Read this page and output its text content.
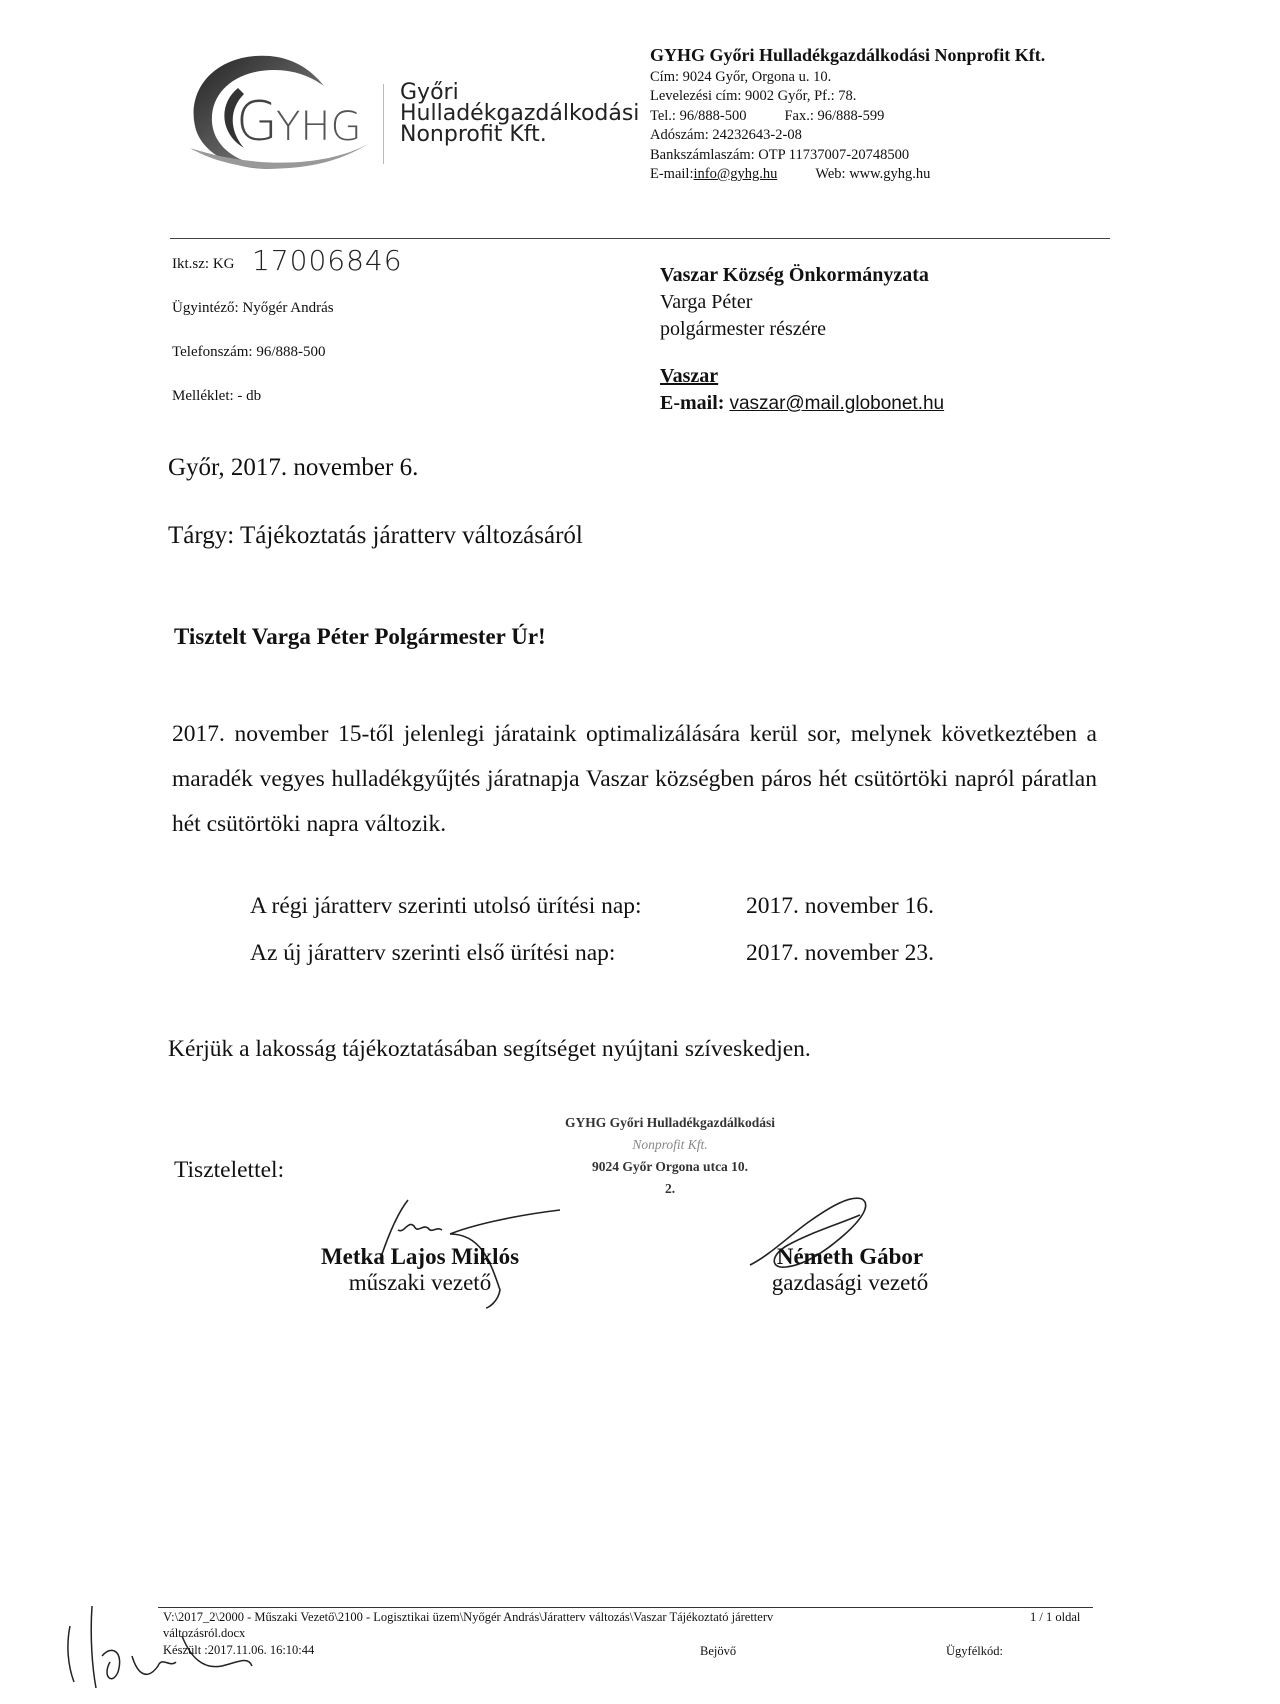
G
YHG
Győri
Hulladékgazdálkodási
Nonprofit Kft.
GYHG Győri Hulladékgazdálkodási Nonprofit Kft.
Cím: 9024 Győr, Orgona u. 10.
Levelezési cím: 9002 Győr, Pf.: 78.
Tel.: 96/888-500	Fax.: 96/888-599
Adószám: 24232643-2-08
Bankszámlaszám: OTP 11737007-20748500
E-mail:info@gyhg.hu	Web: www.gyhg.hu
Ikt.sz: KG 17006846
Ügyintéző: Nyőgér András
Telefonszám: 96/888-500
Melléklet: - db
Vaszar Község Önkormányzata
Varga Péter
polgármester részére
Vaszar
E-mail: vaszar@mail.globonet.hu
Győr, 2017. november 6.
Tárgy: Tájékoztatás járatterv változásáról
Tisztelt Varga Péter Polgármester Úr!
2017. november 15-től jelenlegi járataink optimalizálására kerül sor, melynek következtében a maradék vegyes hulladékgyűjtés járatnapja Vaszar községben páros hét csütörtöki napról páratlan hét csütörtöki napra változik.
A régi járatterv szerinti utolsó ürítési nap:	2017. november 16.
Az új járatterv szerinti első ürítési nap:	2017. november 23.
Kérjük a lakosság tájékoztatásában segítséget nyújtani szíveskedjen.
GYHG Győri Hulladékgazdálkodási
Nonprofit Kft.
9024 Győr Orgona utca 10.
2.
Tisztelettel:
Metka Lajos Miklós
műszaki vezető
Németh Gábor
gazdasági vezető
V:\2017_2\2000 - Műszaki Vezető\2100 - Logisztikai üzem\Nyőgér András\Járatterv változás\Vaszar Tájékoztató járetterv
változásról.docx
Készült :2017.11.06. 16:10:44
1 / 1 oldal
Bejövő	Ügyfélkód:
